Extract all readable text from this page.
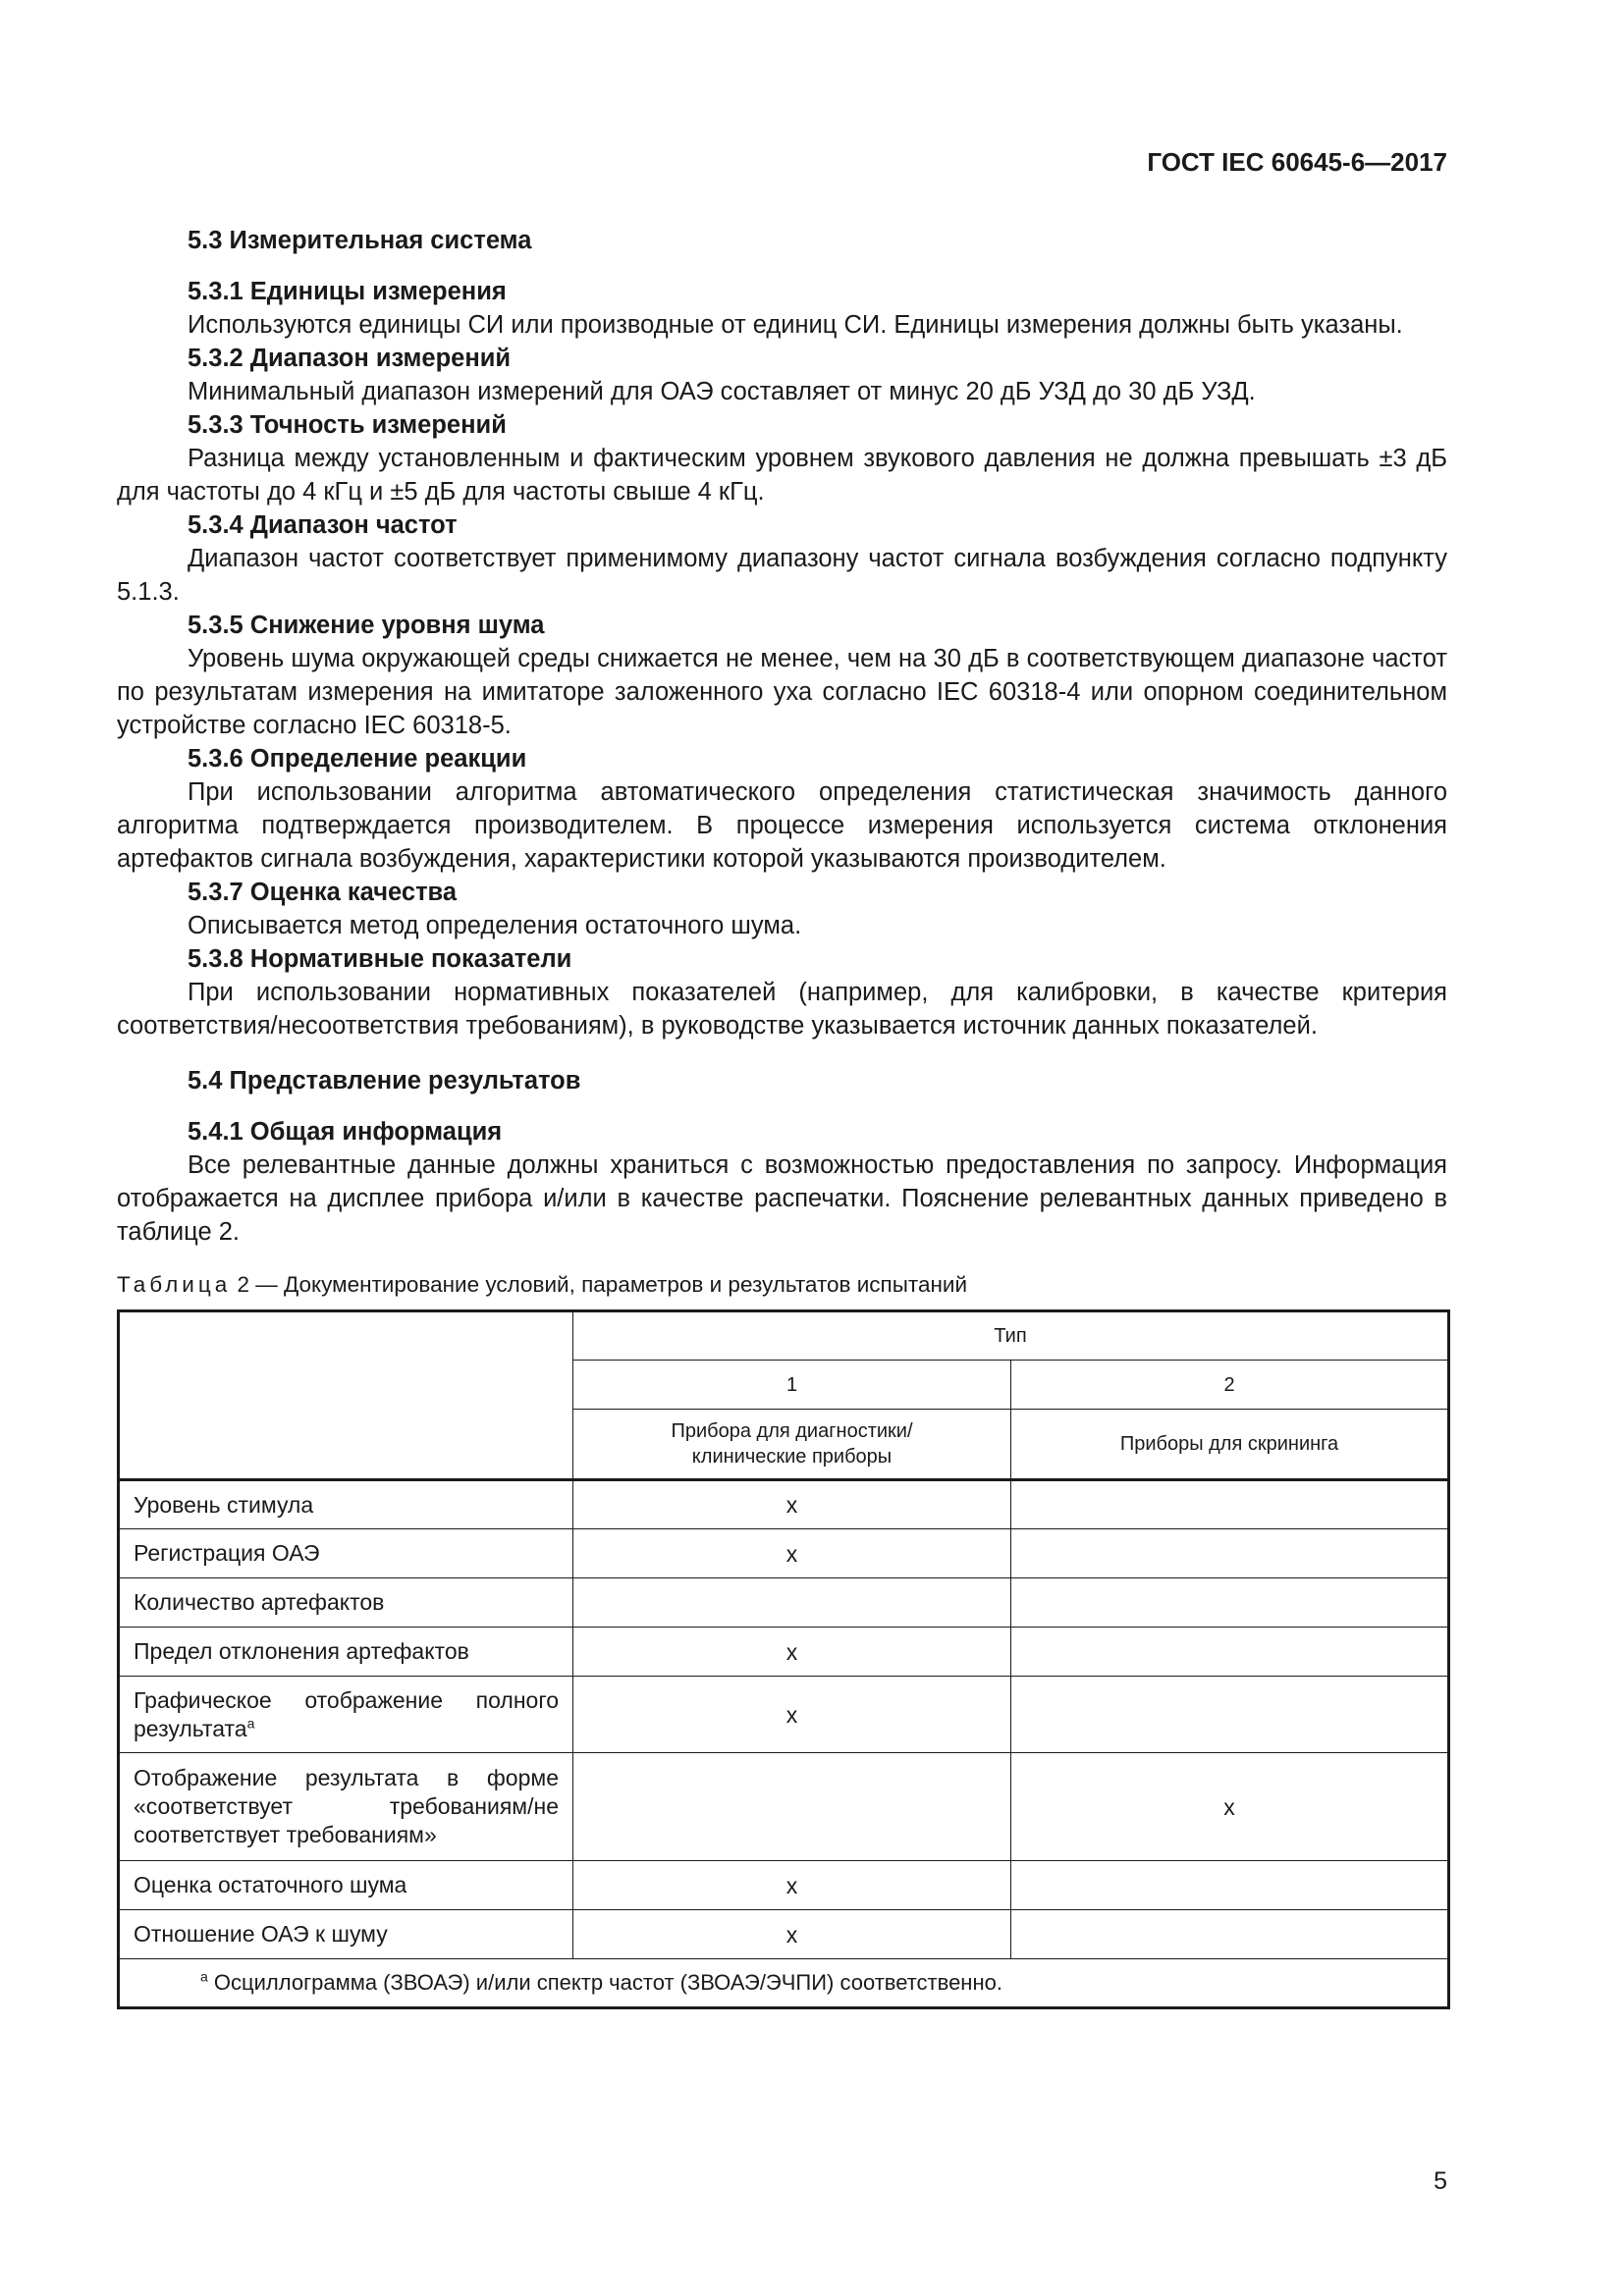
ГОСТ IEC 60645-6—2017
5.3 Измерительная система
5.3.1 Единицы измерения

Используются единицы СИ или производные от единиц СИ. Единицы измерения должны быть указаны.

5.3.2 Диапазон измерений

Минимальный диапазон измерений для ОАЭ составляет от минус 20 дБ УЗД до 30 дБ УЗД.

5.3.3 Точность измерений

Разница между установленным и фактическим уровнем звукового давления не должна превышать ±3 дБ для частоты до 4 кГц и ±5 дБ для частоты свыше 4 кГц.

5.3.4 Диапазон частот

Диапазон частот соответствует применимому диапазону частот сигнала возбуждения согласно подпункту 5.1.3.

5.3.5 Снижение уровня шума

Уровень шума окружающей среды снижается не менее, чем на 30 дБ в соответствующем диапазоне частот по результатам измерения на имитаторе заложенного уха согласно IEC 60318-4 или опорном соединительном устройстве согласно IEC 60318-5.

5.3.6 Определение реакции

При использовании алгоритма автоматического определения статистическая значимость данного алгоритма подтверждается производителем. В процессе измерения используется система отклонения артефактов сигнала возбуждения, характеристики которой указываются производителем.

5.3.7 Оценка качества

Описывается метод определения остаточного шума.

5.3.8 Нормативные показатели

При использовании нормативных показателей (например, для калибровки, в качестве критерия соответствия/несоответствия требованиям), в руководстве указывается источник данных показателей.

5.4 Представление результатов
5.4.1 Общая информация

Все релевантные данные должны храниться с возможностью предоставления по запросу. Информация отображается на дисплее прибора и/или в качестве распечатки. Пояснение релевантных данных приведено в таблице 2.

Таблица 2 — Документирование условий, параметров и результатов испытаний
	Тип	
	1	2
	Прибора для диагностики/ клинические приборы	Приборы для скрининга
Уровень стимула	x	
Регистрация ОАЭ	x	
Количество артефактов		
Предел отклонения артефактов	x	
Графическое отображение полного результата$^a$	x	
Отображение результата в форме «соответствует требованиям/не соответствует требованиям»		x
Оценка остаточного шума	x	
Отношение ОАЭ к шуму	x	
$^a$ Осциллограмма (ЗВОАЭ) и/или спектр частот (ЗВОАЭ/ЭЧПИ) соответственно.		
5
